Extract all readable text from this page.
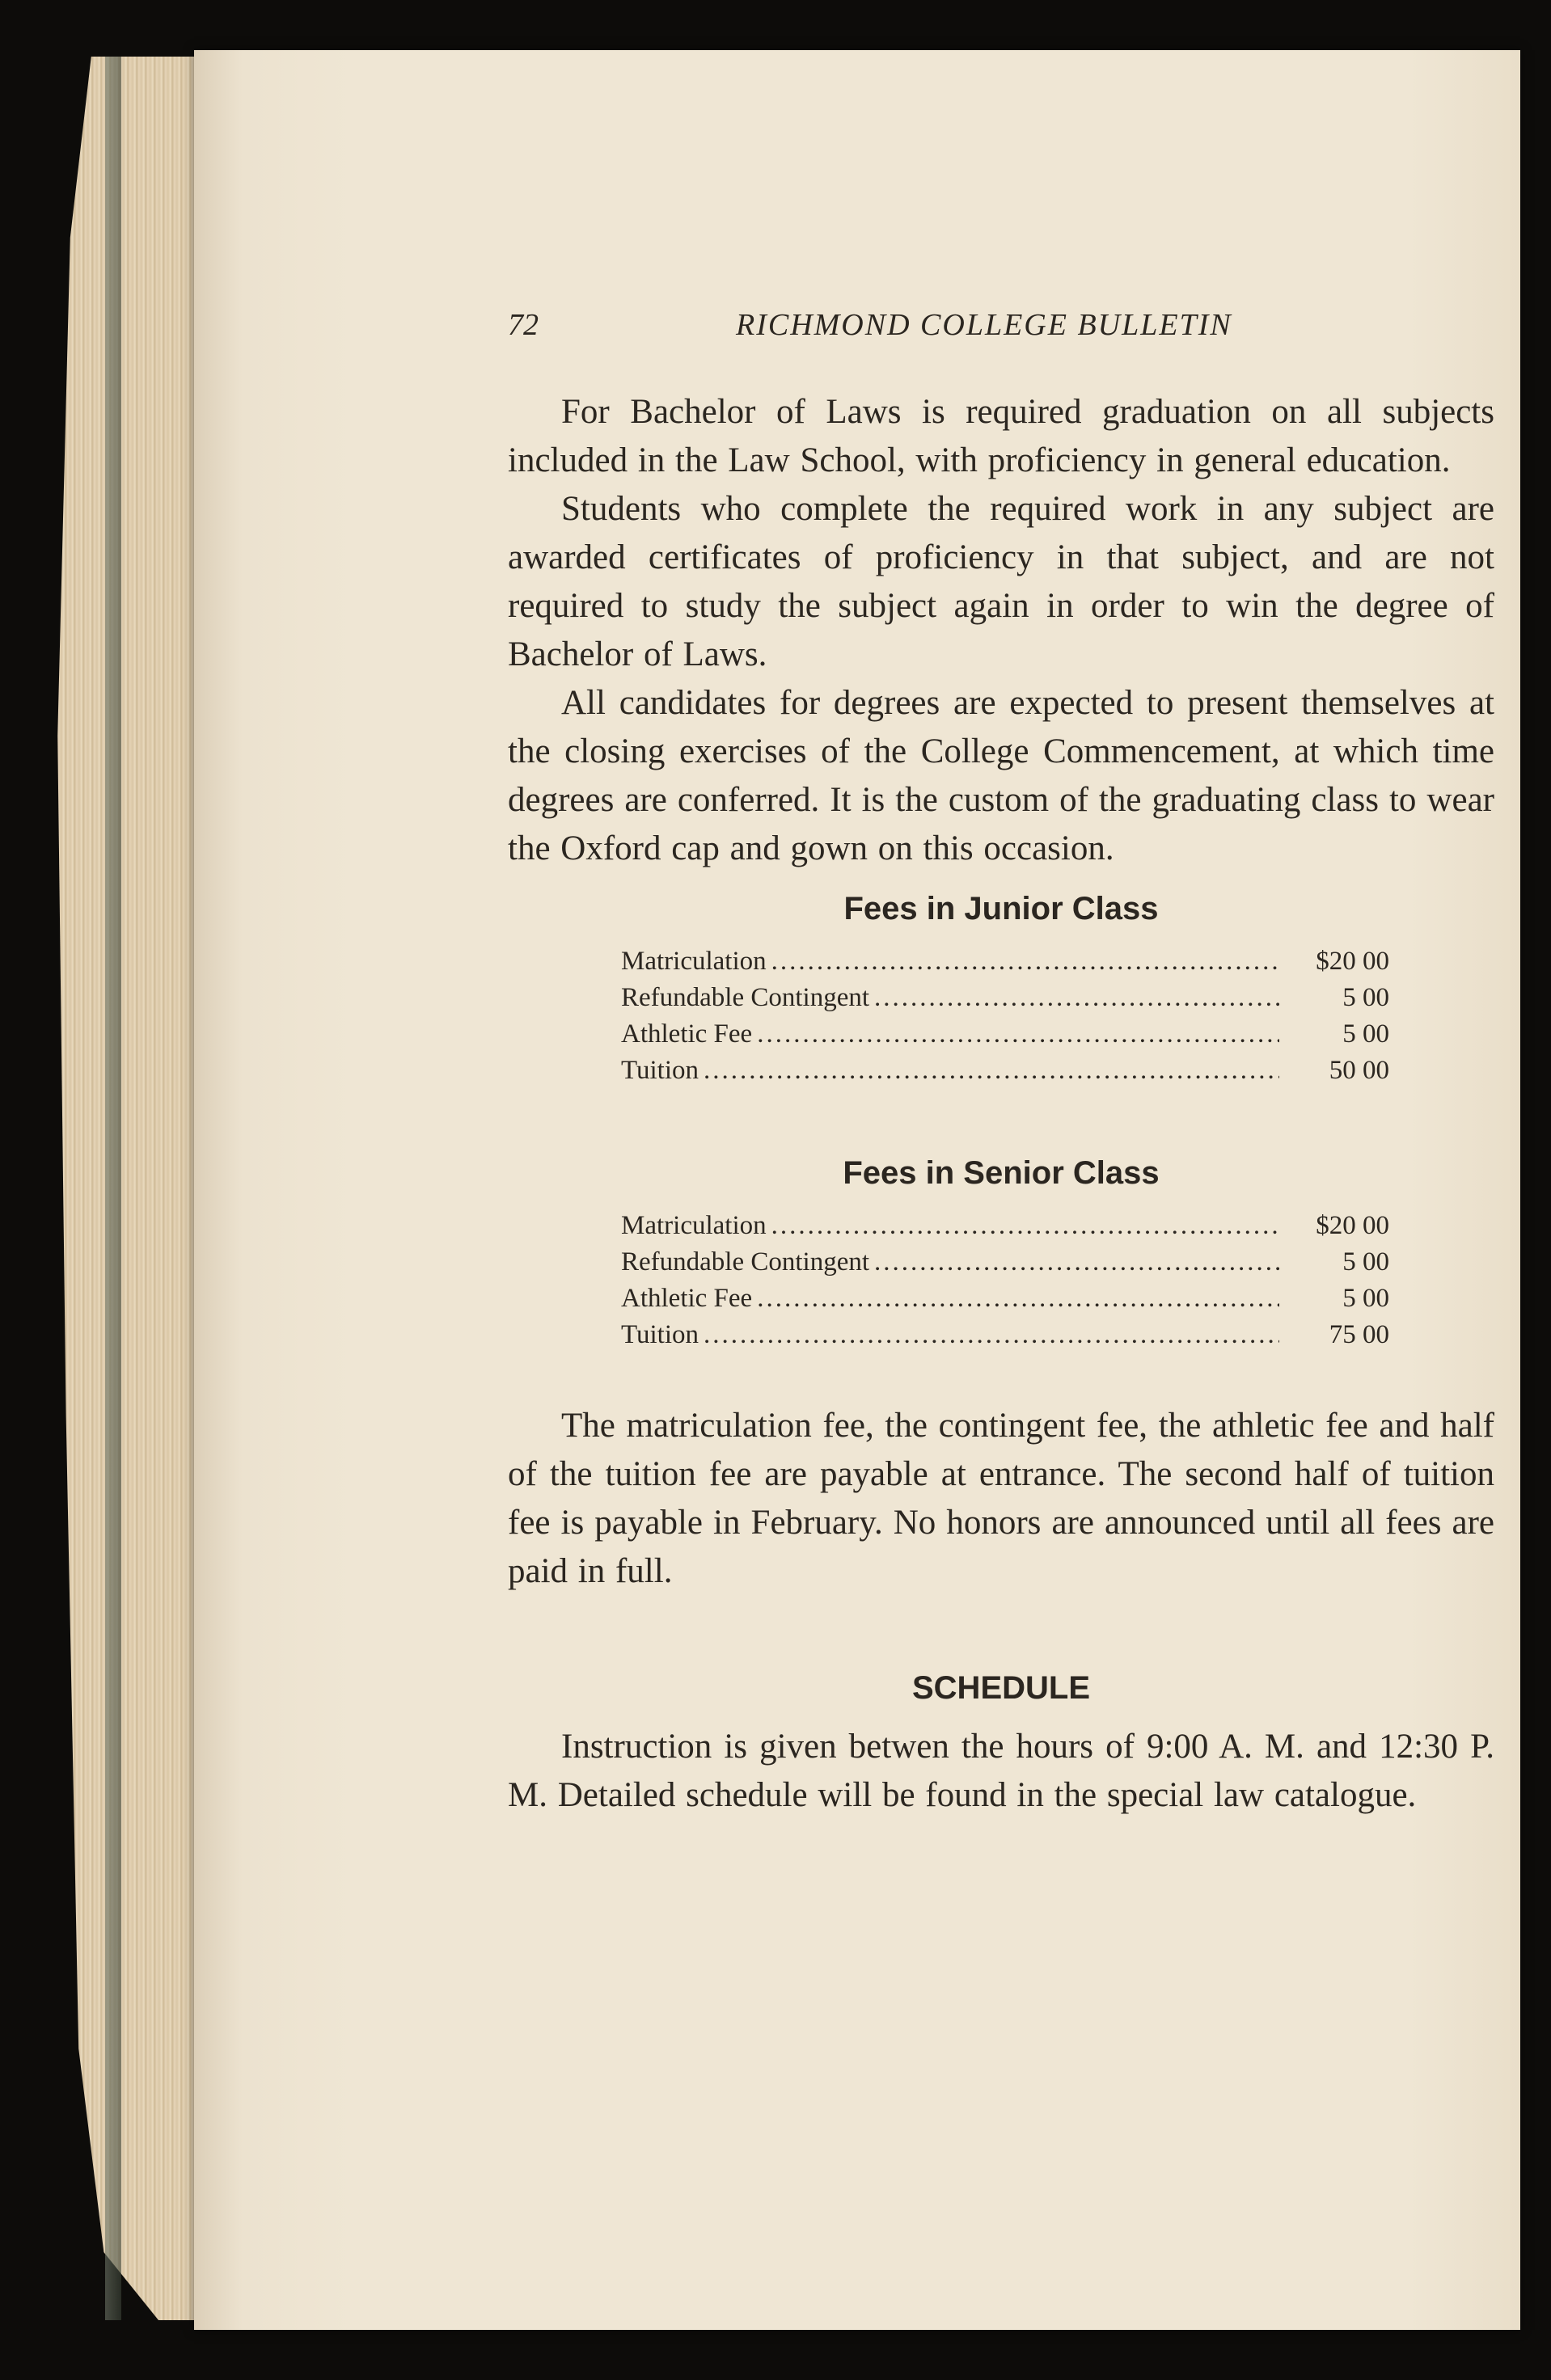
72	RICHMOND COLLEGE BULLETIN

For Bachelor of Laws is required graduation on all subjects included in the Law School, with proficiency in general education.

Students who complete the required work in any subject are awarded certificates of proficiency in that subject, and are not required to study the subject again in order to win the degree of Bachelor of Laws.

All candidates for degrees are expected to present themselves at the closing exercises of the College Commencement, at which time degrees are conferred. It is the custom of the graduating class to wear the Oxford cap and gown on this occasion.

Fees in Junior Class
Matriculation .....	$20 00
Refundable Contingent .....	5 00
Athletic Fee .....	5 00
Tuition .....	50 00
Fees in Senior Class
Matriculation .....	$20 00
Refundable Contingent .....	5 00
Athletic Fee .....	5 00
Tuition .....	75 00

The matriculation fee, the contingent fee, the athletic fee and half of the tuition fee are payable at entrance. The second half of tuition fee is payable in February. No honors are announced until all fees are paid in full.

SCHEDULE

Instruction is given betwen the hours of 9:00 A. M. and 12:30 P. M. Detailed schedule will be found in the special law catalogue.
